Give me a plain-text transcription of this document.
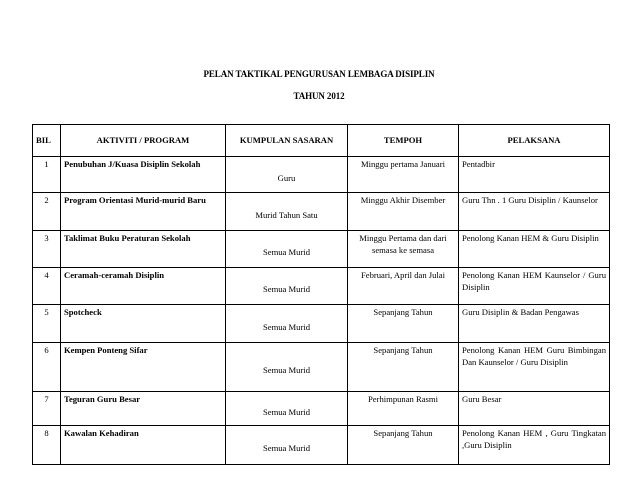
PELAN TAKTIKAL PENGURUSAN LEMBAGA DISIPLIN
TAHUN 2012
BIL	AKTIVITI / PROGRAM	KUMPULAN SASARAN	TEMPOH	PELAKSANA
1	Penubuhan J/Kuasa Disiplin Sekolah	Guru	Minggu pertama Januari	Pentadbir
2	Program Orientasi Murid-murid Baru	Murid Tahun Satu	Minggu Akhir Disember	Guru Thn . 1 Guru Disiplin / Kaunselor
3	Taklimat Buku Peraturan Sekolah	Semua Murid	Minggu Pertama dan dari semasa ke semasa	Penolong Kanan HEM & Guru Disiplin
4	Ceramah-ceramah Disiplin	Semua Murid	Februari, April dan Julai	Penolong Kanan HEM Kaunselor / Guru Disiplin
5	Spotcheck	Semua Murid	Sepanjang Tahun	Guru Disiplin & Badan Pengawas
6	Kempen Ponteng Sifar	Semua Murid	Sepanjang Tahun	Penolong Kanan HEM Guru Bimbingan Dan Kaunselor / Guru Disiplin
7	Teguran Guru Besar	Semua Murid	Perhimpunan Rasmi	Guru Besar
8	Kawalan Kehadiran	Semua Murid	Sepanjang Tahun	Penolong Kanan HEM , Guru Tingkatan ,Guru Disiplin
